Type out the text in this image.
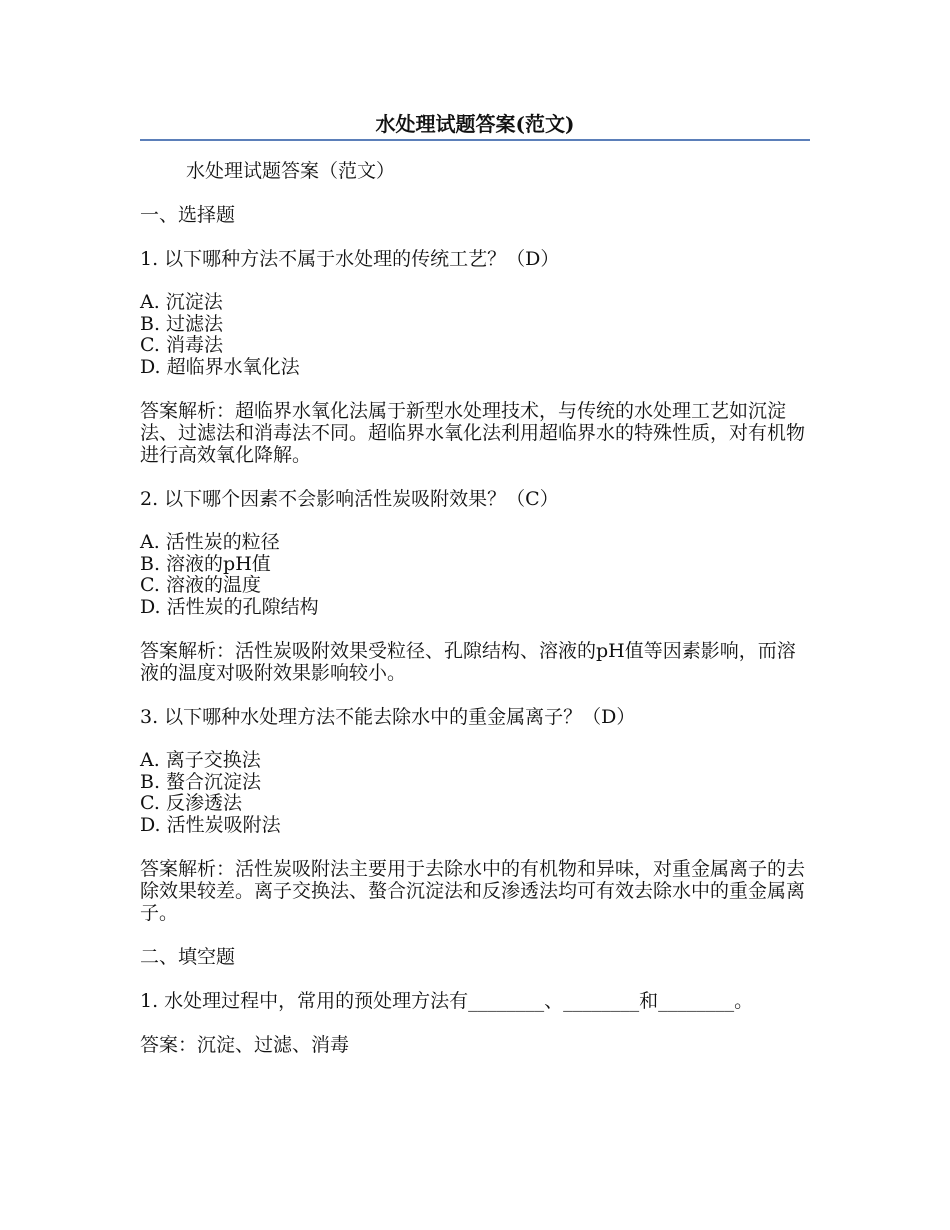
水处理试题答案(范文)

水处理试题答案（范文）

一、选择题

1. 以下哪种方法不属于水处理的传统工艺？（D）

A. 沉淀法
B. 过滤法
C. 消毒法
D. 超临界水氧化法

答案解析：超临界水氧化法属于新型水处理技术，与传统的水处理工艺如沉淀法、过滤法和消毒法不同。超临界水氧化法利用超临界水的特殊性质，对有机物进行高效氧化降解。

2. 以下哪个因素不会影响活性炭吸附效果？（C）

A. 活性炭的粒径
B. 溶液的pH值
C. 溶液的温度
D. 活性炭的孔隙结构

答案解析：活性炭吸附效果受粒径、孔隙结构、溶液的pH值等因素影响，而溶液的温度对吸附效果影响较小。

3. 以下哪种水处理方法不能去除水中的重金属离子？（D）

A. 离子交换法
B. 螯合沉淀法
C. 反渗透法
D. 活性炭吸附法

答案解析：活性炭吸附法主要用于去除水中的有机物和异味，对重金属离子的去除效果较差。离子交换法、螯合沉淀法和反渗透法均可有效去除水中的重金属离子。

二、填空题

1. 水处理过程中，常用的预处理方法有________、________和________。

答案：沉淀、过滤、消毒
